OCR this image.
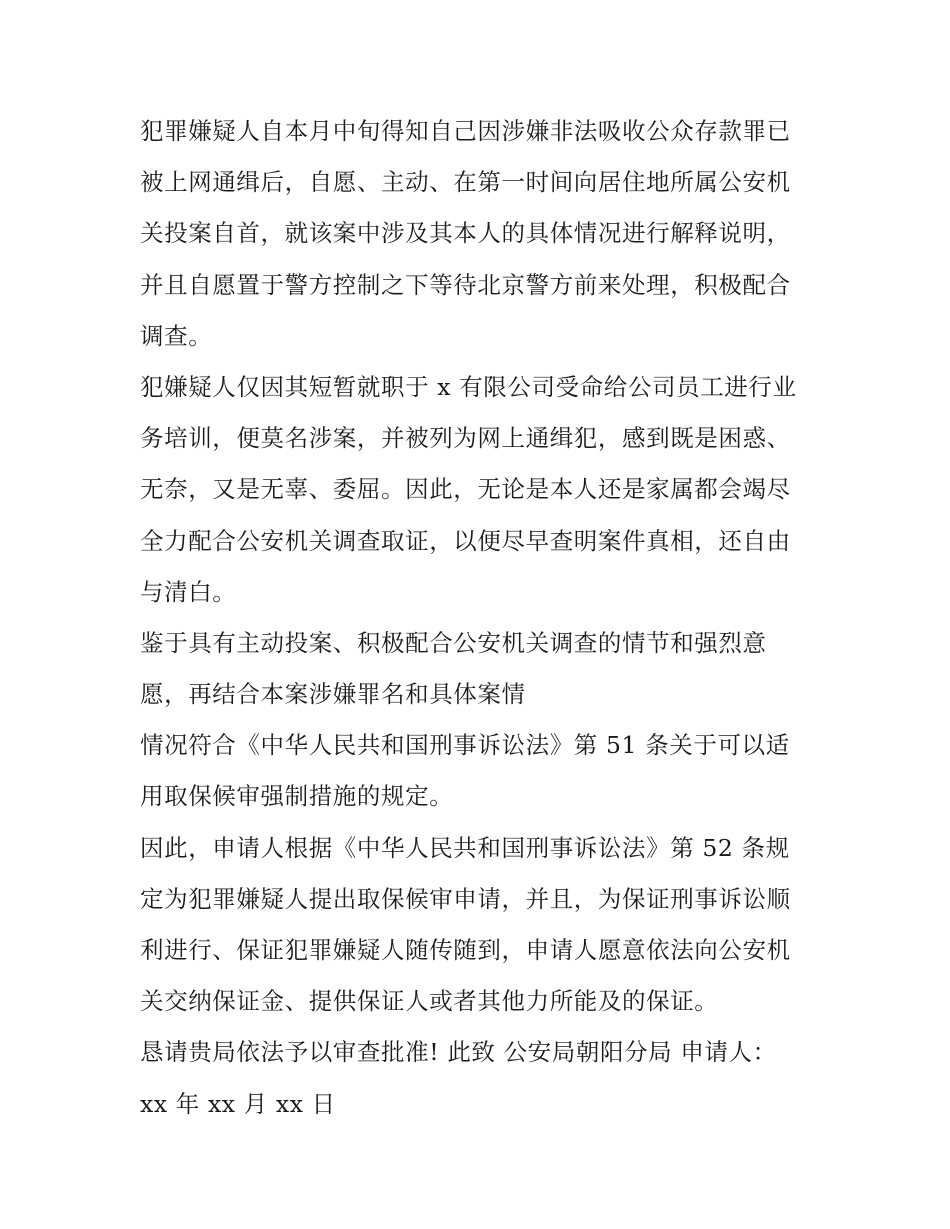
犯罪嫌疑人自本月中旬得知自己因涉嫌非法吸收公众存款罪已
被上网通缉后，自愿、主动、在第一时间向居住地所属公安机
关投案自首，就该案中涉及其本人的具体情况进行解释说明，
并且自愿置于警方控制之下等待北京警方前来处理，积极配合
调查。
犯嫌疑人仅因其短暂就职于 x 有限公司受命给公司员工进行业
务培训，便莫名涉案，并被列为网上通缉犯，感到既是困惑、
无奈，又是无辜、委屈。因此，无论是本人还是家属都会竭尽
全力配合公安机关调查取证，以便尽早查明案件真相，还自由
与清白。
鉴于具有主动投案、积极配合公安机关调查的情节和强烈意
愿，再结合本案涉嫌罪名和具体案情
情况符合《中华人民共和国刑事诉讼法》第 51 条关于可以适
用取保候审强制措施的规定。
因此，申请人根据《中华人民共和国刑事诉讼法》第 52 条规
定为犯罪嫌疑人提出取保候审申请，并且，为保证刑事诉讼顺
利进行、保证犯罪嫌疑人随传随到，申请人愿意依法向公安机
关交纳保证金、提供保证人或者其他力所能及的保证。
恳请贵局依法予以审查批准! 此致 公安局朝阳分局 申请人：
xx 年 xx 月 xx 日
